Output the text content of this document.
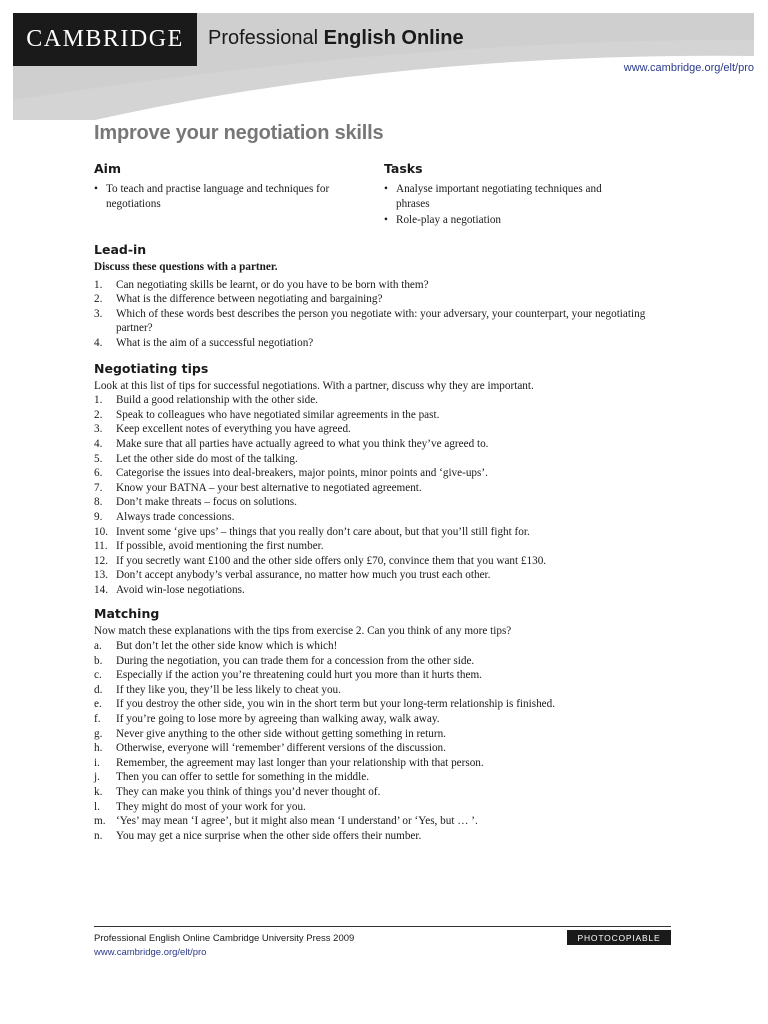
CAMBRIDGE Professional English Online
www.cambridge.org/elt/pro
Improve your negotiation skills
Aim
• To teach and practise language and techniques for negotiations
Tasks
• Analyse important negotiating techniques and phrases
• Role-play a negotiation
Lead-in

Discuss these questions with a partner.

1.	Can negotiating skills be learnt, or do you have to be born with them?
2.	What is the difference between negotiating and bargaining?
3.	Which of these words best describes the person you negotiate with: your adversary, your counterpart, your negotiating partner?
4.	What is the aim of a successful negotiation?
Negotiating tips

Look at this list of tips for successful negotiations. With a partner, discuss why they are important.

1.	Build a good relationship with the other side.
2.	Speak to colleagues who have negotiated similar agreements in the past.
3.	Keep excellent notes of everything you have agreed.
4.	Make sure that all parties have actually agreed to what you think they’ve agreed to.
5.	Let the other side do most of the talking.
6.	Categorise the issues into deal-breakers, major points, minor points and ‘give-ups’.
7.	Know your BATNA – your best alternative to negotiated agreement.
8.	Don’t make threats – focus on solutions.
9.	Always trade concessions.
10. Invent some ‘give ups’ – things that you really don’t care about, but that you’ll still fight for.
11. If possible, avoid mentioning the first number.
12. If you secretly want £100 and the other side offers only £70, convince them that you want £130.
13. Don’t accept anybody’s verbal assurance, no matter how much you trust each other.
14. Avoid win-lose negotiations.
Matching

Now match these explanations with the tips from exercise 2. Can you think of any more tips?

a.	But don’t let the other side know which is which!
b.	During the negotiation, you can trade them for a concession from the other side.
c.	Especially if the action you’re threatening could hurt you more than it hurts them.
d.	If they like you, they’ll be less likely to cheat you.
e.	If you destroy the other side, you win in the short term but your long-term relationship is finished.
f.	If you’re going to lose more by agreeing than walking away, walk away.
g.	Never give anything to the other side without getting something in return.
h.	Otherwise, everyone will ‘remember’ different versions of the discussion.
i.	Remember, the agreement may last longer than your relationship with that person.
j.	Then you can offer to settle for something in the middle.
k.	They can make you think of things you’d never thought of.
l.	They might do most of your work for you.
m. ‘Yes’ may mean ‘I agree’, but it might also mean ‘I understand’ or ‘Yes, but … ’.
n.	You may get a nice surprise when the other side offers their number.
Professional English Online Cambridge University Press 2009
www.cambridge.org/elt/pro
PHOTOCOPIABLE
